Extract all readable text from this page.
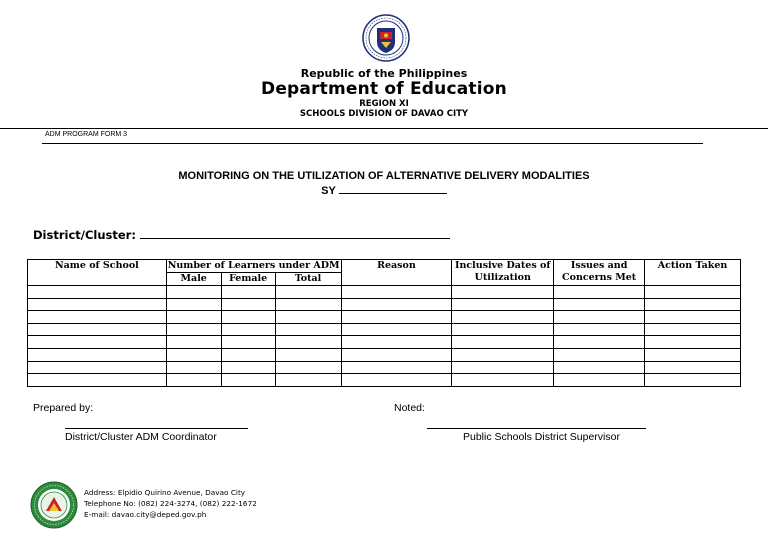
Republic of the Philippines
Department of Education
REGION XI
SCHOOLS DIVISION OF DAVAO CITY
ADM PROGRAM FORM 3
MONITORING ON THE UTILIZATION OF ALTERNATIVE DELIVERY MODALITIES
SY
District/Cluster:
Name of School	Number of Learners under ADM			Reason	Inclusive Dates of Utilization	Issues and Concerns Met	Action Taken
	Male	Female	Total				

Prepared by:	Noted:
District/Cluster ADM Coordinator	Public Schools District Supervisor
Address: Elpidio Quirino Avenue, Davao City
Telephone No: (082) 224-3274, (082) 222-1672
E-mail: davao.city@deped.gov.ph
